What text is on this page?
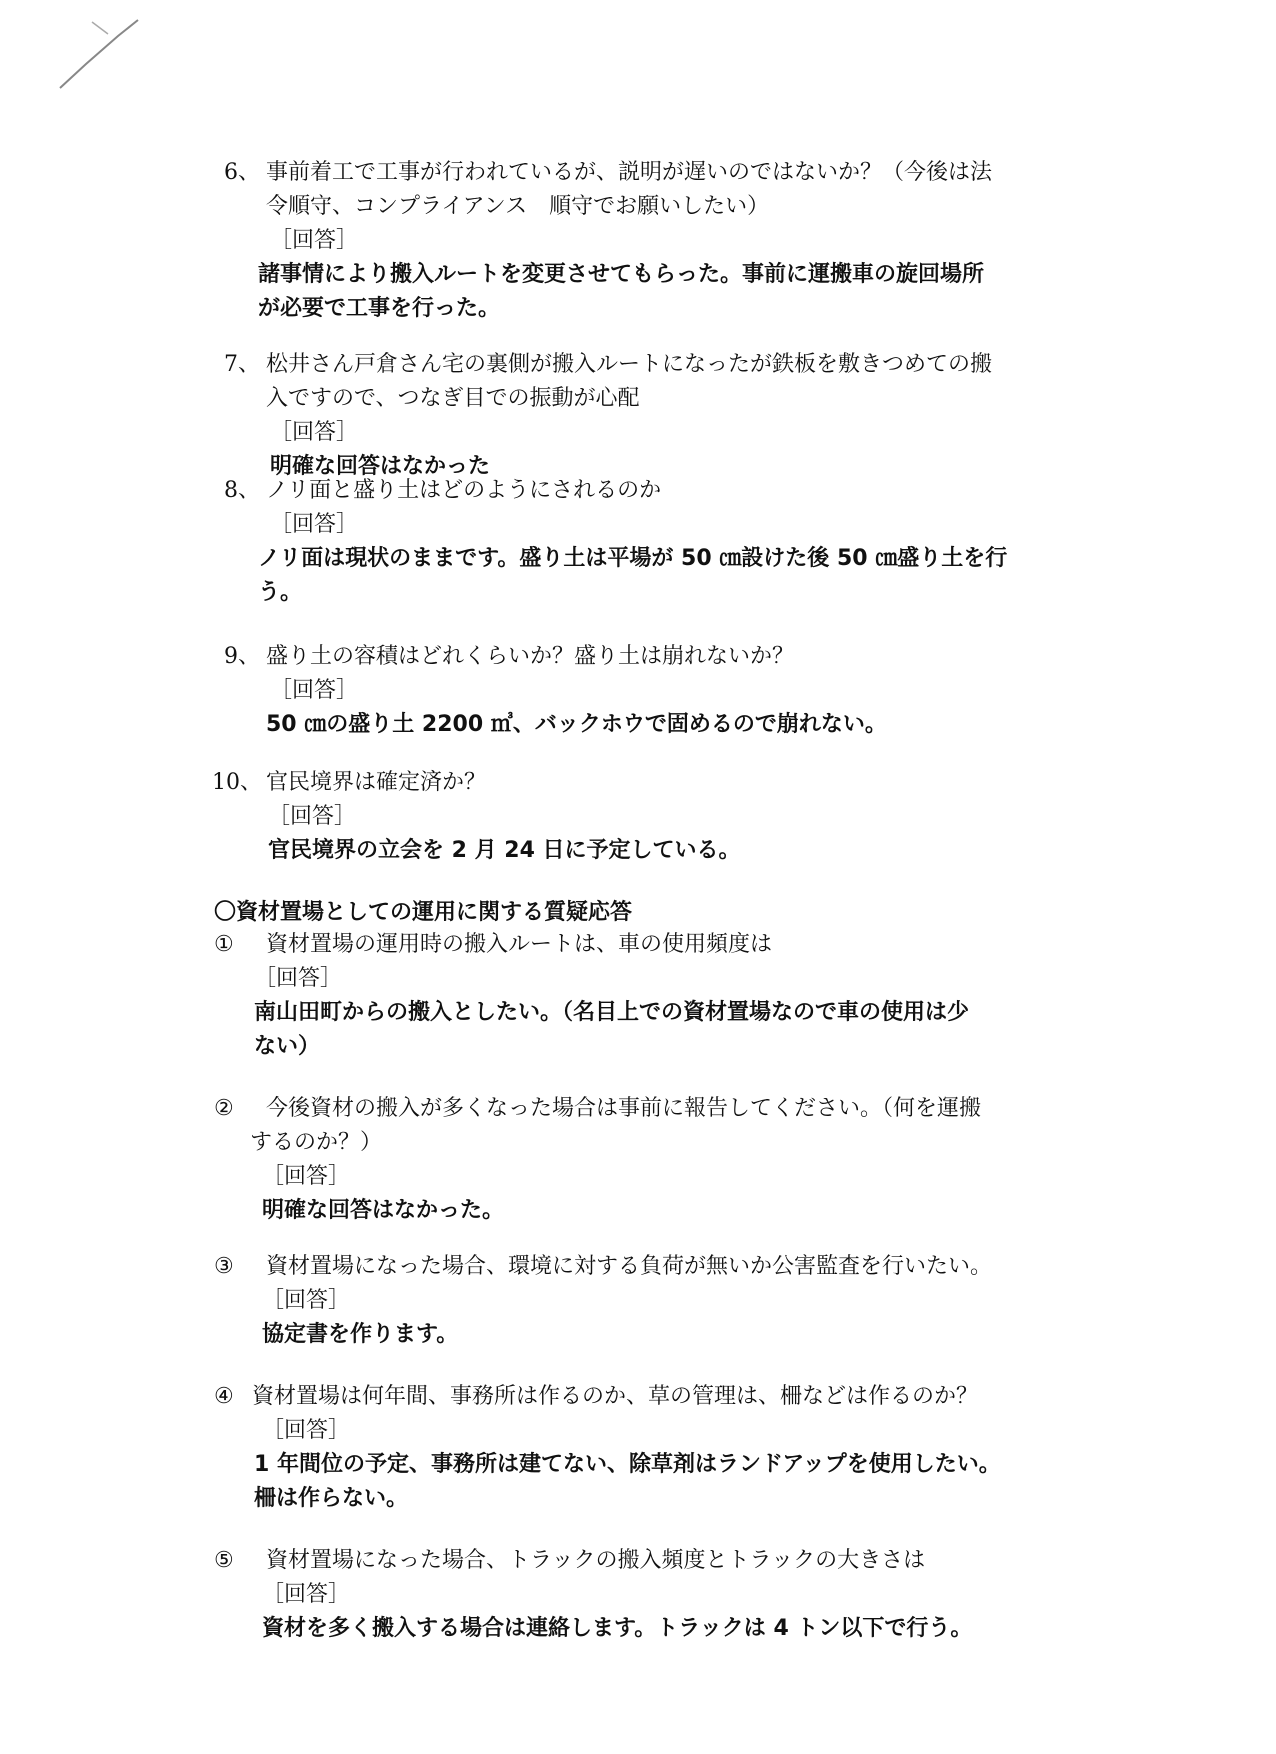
6、 事前着工で工事が行われているが、説明が遅いのではないか？（今後は法
令順守、コンプライアンス　順守でお願いしたい）
［回答］
諸事情により搬入ルートを変更させてもらった。事前に運搬車の旋回場所
が必要で工事を行った。
7、 松井さん戸倉さん宅の裏側が搬入ルートになったが鉄板を敷きつめての搬
入ですので、つなぎ目での振動が心配
［回答］
明確な回答はなかった
8、 ノリ面と盛り土はどのようにされるのか
［回答］
ノリ面は現状のままです。盛り土は平場が 50 ㎝設けた後 50 ㎝盛り土を行
う。
9、 盛り土の容積はどれくらいか？盛り土は崩れないか？
［回答］
50 ㎝の盛り土 2200 ㎥、バックホウで固めるので崩れない。
10、 官民境界は確定済か？
［回答］
官民境界の立会を 2 月 24 日に予定している。
〇資材置場としての運用に関する質疑応答
① 資材置場の運用時の搬入ルートは、車の使用頻度は
［回答］
南山田町からの搬入としたい。（名目上での資材置場なので車の使用は少
ない）
② 今後資材の搬入が多くなった場合は事前に報告してください。（何を運搬
するのか？）
［回答］
明確な回答はなかった。
③ 資材置場になった場合、環境に対する負荷が無いか公害監査を行いたい。
［回答］
協定書を作ります。
④ 資材置場は何年間、事務所は作るのか、草の管理は、柵などは作るのか？
［回答］
1 年間位の予定、事務所は建てない、除草剤はランドアップを使用したい。
柵は作らない。
⑤ 資材置場になった場合、トラックの搬入頻度とトラックの大きさは
［回答］
資材を多く搬入する場合は連絡します。トラックは 4 トン以下で行う。
